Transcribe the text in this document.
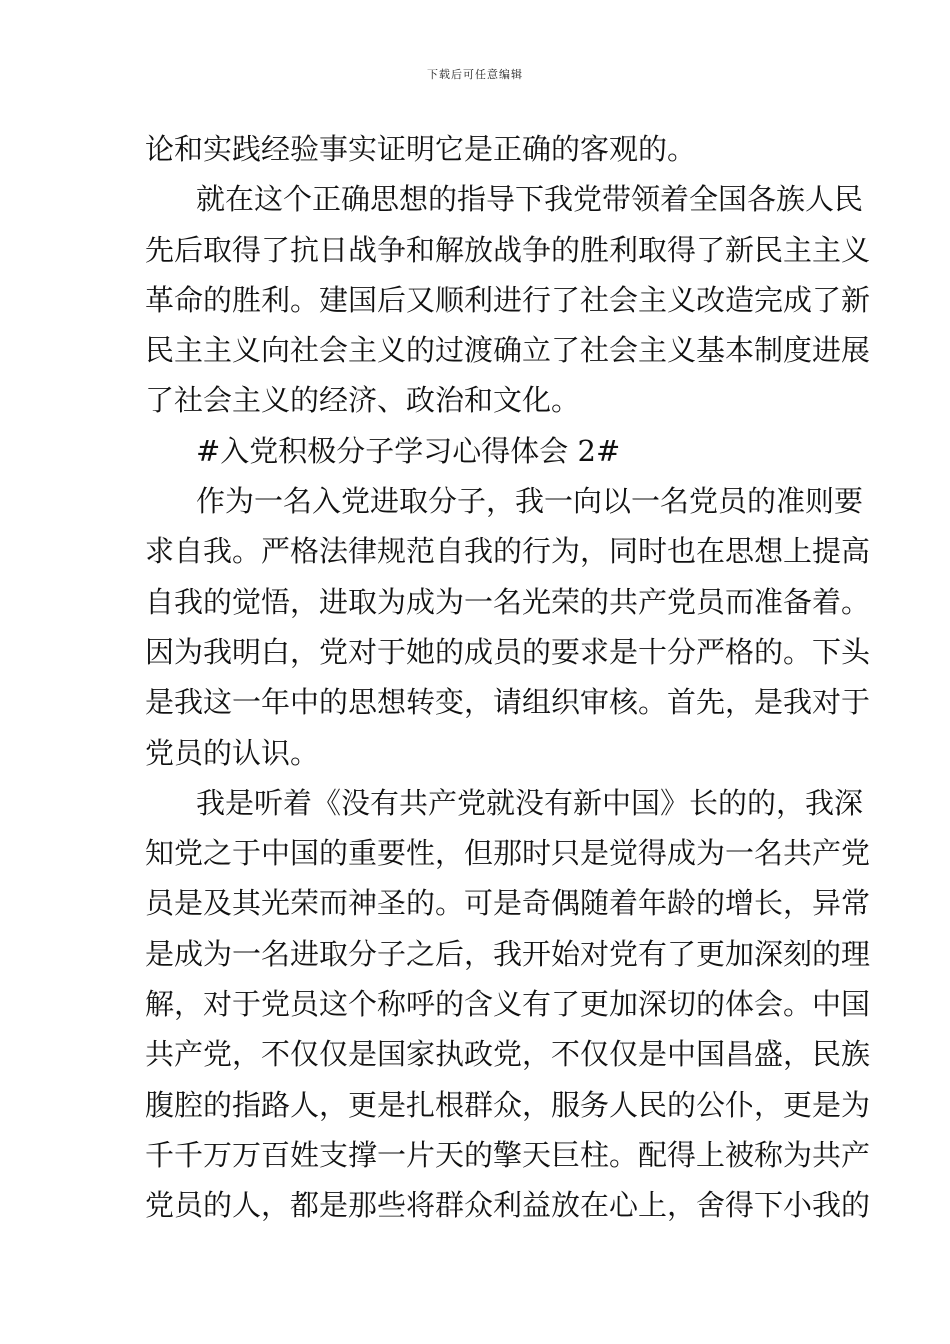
下载后可任意编辑
论和实践经验事实证明它是正确的客观的。
就在这个正确思想的指导下我党带领着全国各族人民
先后取得了抗日战争和解放战争的胜利取得了新民主主义
革命的胜利。建国后又顺利进行了社会主义改造完成了新
民主主义向社会主义的过渡确立了社会主义基本制度进展
了社会主义的经济、政治和文化。
#入党积极分子学习心得体会 2#
作为一名入党进取分子，我一向以一名党员的准则要
求自我。严格法律规范自我的行为，同时也在思想上提高
自我的觉悟，进取为成为一名光荣的共产党员而准备着。
因为我明白，党对于她的成员的要求是十分严格的。下头
是我这一年中的思想转变，请组织审核。首先，是我对于
党员的认识。
我是听着《没有共产党就没有新中国》长的的，我深
知党之于中国的重要性，但那时只是觉得成为一名共产党
员是及其光荣而神圣的。可是奇偶随着年龄的增长，异常
是成为一名进取分子之后，我开始对党有了更加深刻的理
解，对于党员这个称呼的含义有了更加深切的体会。中国
共产党，不仅仅是国家执政党，不仅仅是中国昌盛，民族
腹腔的指路人，更是扎根群众，服务人民的公仆，更是为
千千万万百姓支撑一片天的擎天巨柱。配得上被称为共产
党员的人，都是那些将群众利益放在心上，舍得下小我的
